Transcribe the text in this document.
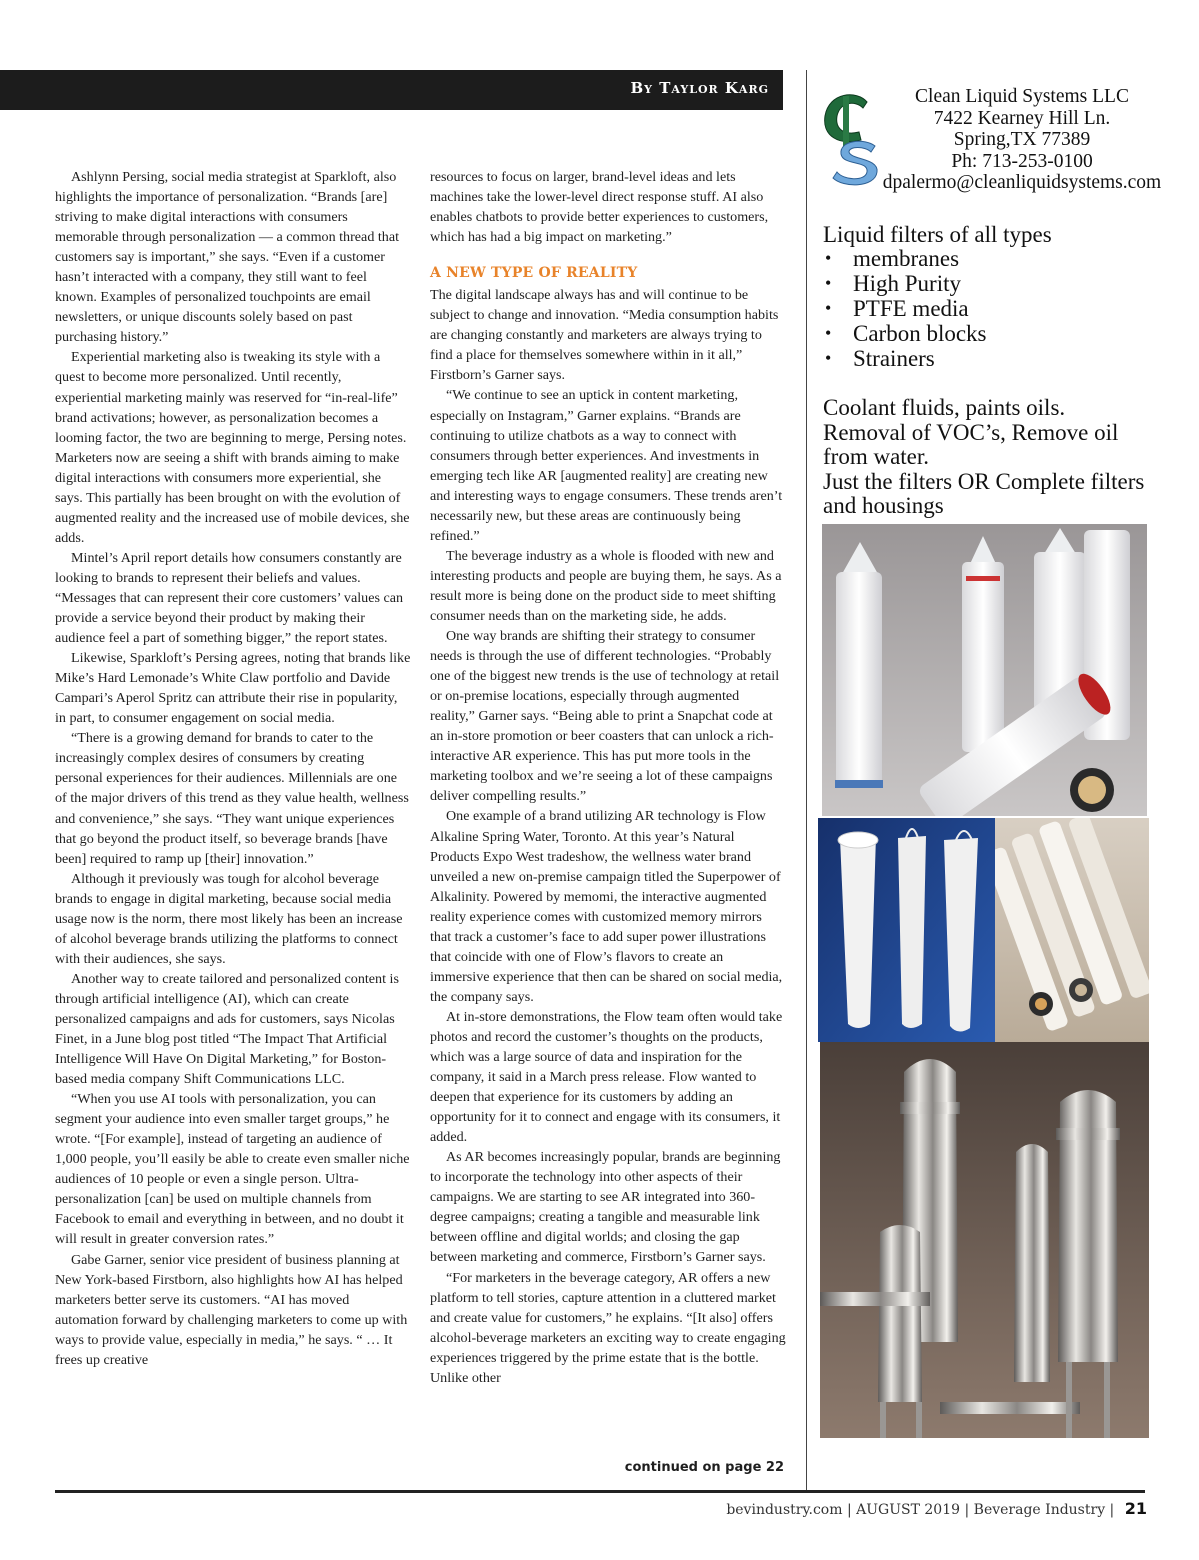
By Taylor Karg

Ashlynn Persing, social media strategist at Sparkloft, also highlights the importance of personalization. “Brands [are] striving to make digital interactions with consumers memorable through personalization — a common thread that customers say is important,” she says. “Even if a customer hasn’t interacted with a company, they still want to feel known. Examples of personalized touchpoints are email newsletters, or unique discounts solely based on past purchasing history.”

Experiential marketing also is tweaking its style with a quest to become more personalized. Until recently, experiential marketing mainly was reserved for “in-real-life” brand activations; however, as personalization becomes a looming factor, the two are beginning to merge, Persing notes. Marketers now are seeing a shift with brands aiming to make digital interactions with consumers more experiential, she says. This partially has been brought on with the evolution of augmented reality and the increased use of mobile devices, she adds.

Mintel’s April report details how consumers constantly are looking to brands to represent their beliefs and values. “Messages that can represent their core customers’ values can provide a service beyond their product by making their audience feel a part of something bigger,” the report states.

Likewise, Sparkloft’s Persing agrees, noting that brands like Mike’s Hard Lemonade’s White Claw portfolio and Davide Campari’s Aperol Spritz can attribute their rise in popularity, in part, to consumer engagement on social media.

“There is a growing demand for brands to cater to the increasingly complex desires of consumers by creating personal experiences for their audiences. Millennials are one of the major drivers of this trend as they value health, wellness and convenience,” she says. “They want unique experiences that go beyond the product itself, so beverage brands [have been] required to ramp up [their] innovation.”

Although it previously was tough for alcohol beverage brands to engage in digital marketing, because social media usage now is the norm, there most likely has been an increase of alcohol beverage brands utilizing the platforms to connect with their audiences, she says.

Another way to create tailored and personalized content is through artificial intelligence (AI), which can create personalized campaigns and ads for customers, says Nicolas Finet, in a June blog post titled “The Impact That Artificial Intelligence Will Have On Digital Marketing,” for Boston-based media company Shift Communications LLC.

“When you use AI tools with personalization, you can segment your audience into even smaller target groups,” he wrote. “[For example], instead of targeting an audience of 1,000 people, you’ll easily be able to create even smaller niche audiences of 10 people or even a single person. Ultra-personalization [can] be used on multiple channels from Facebook to email and everything in between, and no doubt it will result in greater conversion rates.”

Gabe Garner, senior vice president of business planning at New York-based Firstborn, also highlights how AI has helped marketers better serve its customers. “AI has moved automation forward by challenging marketers to come up with ways to provide value, especially in media,” he says. “ … It frees up creative

resources to focus on larger, brand-level ideas and lets machines take the lower-level direct response stuff. AI also enables chatbots to provide better experiences to customers, which has had a big impact on marketing.”

A NEW TYPE OF REALITY

The digital landscape always has and will continue to be subject to change and innovation. “Media consumption habits are changing constantly and marketers are always trying to find a place for themselves somewhere within in it all,” Firstborn’s Garner says.

“We continue to see an uptick in content marketing, especially on Instagram,” Garner explains. “Brands are continuing to utilize chatbots as a way to connect with consumers through better experiences. And investments in emerging tech like AR [augmented reality] are creating new and interesting ways to engage consumers. These trends aren’t necessarily new, but these areas are continuously being refined.”

The beverage industry as a whole is flooded with new and interesting products and people are buying them, he says. As a result more is being done on the product side to meet shifting consumer needs than on the marketing side, he adds.

One way brands are shifting their strategy to consumer needs is through the use of different technologies. “Probably one of the biggest new trends is the use of technology at retail or on-premise locations, especially through augmented reality,” Garner says. “Being able to print a Snapchat code at an in-store promotion or beer coasters that can unlock a rich-interactive AR experience. This has put more tools in the marketing toolbox and we’re seeing a lot of these campaigns deliver compelling results.”

One example of a brand utilizing AR technology is Flow Alkaline Spring Water, Toronto. At this year’s Natural Products Expo West tradeshow, the wellness water brand unveiled a new on-premise campaign titled the Superpower of Alkalinity. Powered by memomi, the interactive augmented reality experience comes with customized memory mirrors that track a customer’s face to add super power illustrations that coincide with one of Flow’s flavors to create an immersive experience that then can be shared on social media, the company says.

At in-store demonstrations, the Flow team often would take photos and record the customer’s thoughts on the products, which was a large source of data and inspiration for the company, it said in a March press release. Flow wanted to deepen that experience for its customers by adding an opportunity for it to connect and engage with its consumers, it added.

As AR becomes increasingly popular, brands are beginning to incorporate the technology into other aspects of their campaigns. We are starting to see AR integrated into 360-degree campaigns; creating a tangible and measurable link between offline and digital worlds; and closing the gap between marketing and commerce, Firstborn’s Garner says.

“For marketers in the beverage category, AR offers a new platform to tell stories, capture attention in a cluttered market and create value for customers,” he explains. “[It also] offers alcohol-beverage marketers an exciting way to create engaging experiences triggered by the prime estate that is the bottle. Unlike other

continued on page 22
Clean Liquid Systems LLC
7422 Kearney Hill Ln.
Spring,TX 77389
Ph: 713-253-0100
dpalermo@cleanliquidsystems.com
Liquid filters of all types
• membranes
• High Purity
• PTFE media
• Carbon blocks
• Strainers
Coolant fluids, paints oils.
Removal of VOC’s, Remove oil from water.
Just the filters OR Complete filters and housings
bevindustry.com | AUGUST 2019 | Beverage Industry | 21
